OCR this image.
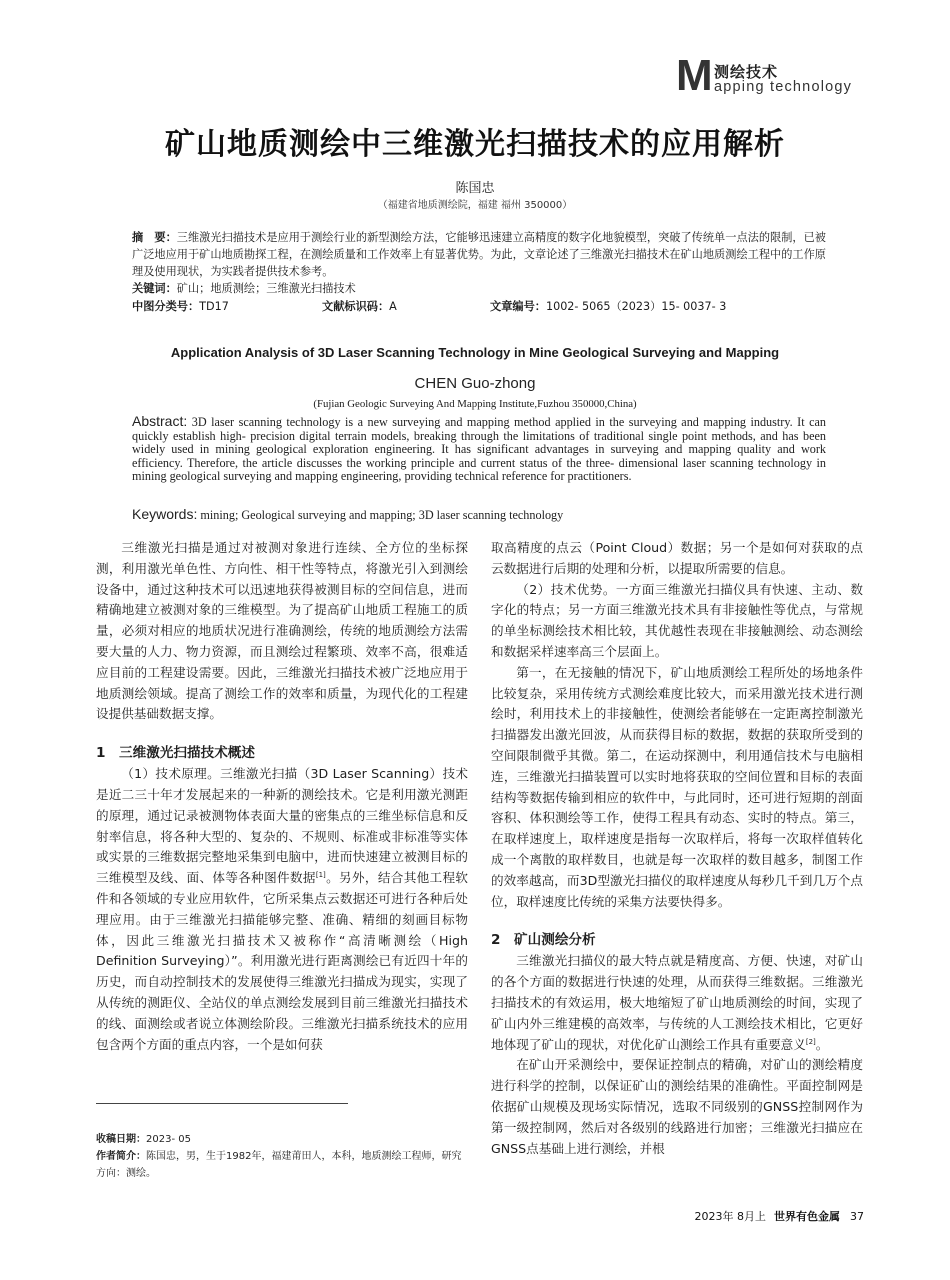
M 测绘技术
apping technology
矿山地质测绘中三维激光扫描技术的应用解析
陈国忠
（福建省地质测绘院，福建 福州 350000）
摘　要：三维激光扫描技术是应用于测绘行业的新型测绘方法，它能够迅速建立高精度的数字化地貌模型，突破了传统单一点法的限制，已被广泛地应用于矿山地质勘探工程，在测绘质量和工作效率上有显著优势。为此，文章论述了三维激光扫描技术在矿山地质测绘工程中的工作原理及使用现状，为实践者提供技术参考。
关键词：矿山；地质测绘；三维激光扫描技术
中图分类号：TD17	文献标识码：A	文章编号：1002- 5065（2023）15- 0037- 3
Application Analysis of 3D Laser Scanning Technology in Mine Geological Surveying and Mapping
CHEN Guo-zhong
(Fujian Geologic Surveying And Mapping Institute,Fuzhou 350000,China)
Abstract: 3D laser scanning technology is a new surveying and mapping method applied in the surveying and mapping industry. It can quickly establish high- precision digital terrain models, breaking through the limitations of traditional single point methods, and has been widely used in mining geological exploration engineering. It has significant advantages in surveying and mapping quality and work efficiency. Therefore, the article discusses the working principle and current status of the three- dimensional laser scanning technology in mining geological surveying and mapping engineering, providing technical reference for practitioners.
Keywords: mining; Geological surveying and mapping; 3D laser scanning technology

三维激光扫描是通过对被测对象进行连续、全方位的坐标探测，利用激光单色性、方向性、相干性等特点，将激光引入到测绘设备中，通过这种技术可以迅速地获得被测目标的空间信息，进而精确地建立被测对象的三维模型。为了提高矿山地质工程施工的质量，必须对相应的地质状况进行准确测绘，传统的地质测绘方法需要大量的人力、物力资源，而且测绘过程繁琐、效率不高，很难适应目前的工程建设需要。因此，三维激光扫描技术被广泛地应用于地质测绘领域。提高了测绘工作的效率和质量，为现代化的工程建设提供基础数据支撑。

1　三维激光扫描技术概述

（1）技术原理。三维激光扫描（3D Laser Scanning）技术是近二三十年才发展起来的一种新的测绘技术。它是利用激光测距的原理，通过记录被测物体表面大量的密集点的三维坐标信息和反射率信息，将各种大型的、复杂的、不规则、标准或非标准等实体或实景的三维数据完整地采集到电脑中，进而快速建立被测目标的三维模型及线、面、体等各种图件数据[1]。另外，结合其他工程软件和各领域的专业应用软件，它所采集点云数据还可进行各种后处理应用。由于三维激光扫描能够完整、准确、精细的刻画目标物体，因此三维激光扫描技术又被称作“高清晰测绘（High Definition Surveying）”。利用激光进行距离测绘已有近四十年的历史，而自动控制技术的发展使得三维激光扫描成为现实，实现了从传统的测距仪、全站仪的单点测绘发展到目前三维激光扫描技术的线、面测绘或者说立体测绘阶段。三维激光扫描系统技术的应用包含两个方面的重点内容，一个是如何获

取高精度的点云（Point Cloud）数据；另一个是如何对获取的点云数据进行后期的处理和分析，以提取所需要的信息。

（2）技术优势。一方面三维激光扫描仪具有快速、主动、数字化的特点；另一方面三维激光技术具有非接触性等优点，与常规的单坐标测绘技术相比较，其优越性表现在非接触测绘、动态测绘和数据采样速率高三个层面上。

第一，在无接触的情况下，矿山地质测绘工程所处的场地条件比较复杂，采用传统方式测绘难度比较大，而采用激光技术进行测绘时，利用技术上的非接触性，使测绘者能够在一定距离控制激光扫描器发出激光回波，从而获得目标的数据，数据的获取所受到的空间限制微乎其微。第二，在运动探测中，利用通信技术与电脑相连，三维激光扫描装置可以实时地将获取的空间位置和目标的表面结构等数据传输到相应的软件中，与此同时，还可进行短期的剖面容积、体积测绘等工作，使得工程具有动态、实时的特点。第三，在取样速度上，取样速度是指每一次取样后，将每一次取样值转化成一个离散的取样数目，也就是每一次取样的数目越多，制图工作的效率越高，而3D型激光扫描仪的取样速度从每秒几千到几万个点位，取样速度比传统的采集方法要快得多。

2　矿山测绘分析

三维激光扫描仪的最大特点就是精度高、方便、快速，对矿山的各个方面的数据进行快速的处理，从而获得三维数据。三维激光扫描技术的有效运用，极大地缩短了矿山地质测绘的时间，实现了矿山内外三维建模的高效率，与传统的人工测绘技术相比，它更好地体现了矿山的现状，对优化矿山测绘工作具有重要意义[2]。

在矿山开采测绘中，要保证控制点的精确，对矿山的测绘精度进行科学的控制，以保证矿山的测绘结果的准确性。平面控制网是依据矿山规模及现场实际情况，选取不同级别的GNSS控制网作为第一级控制网，然后对各级别的线路进行加密；三维激光扫描应在GNSS点基础上进行测绘，并根

收稿日期：2023- 05
作者简介：陈国忠，男，生于1982年，福建莆田人，本科，地质测绘工程师，研究方向：测绘。
2023年 8月上 世界有色金属 37
